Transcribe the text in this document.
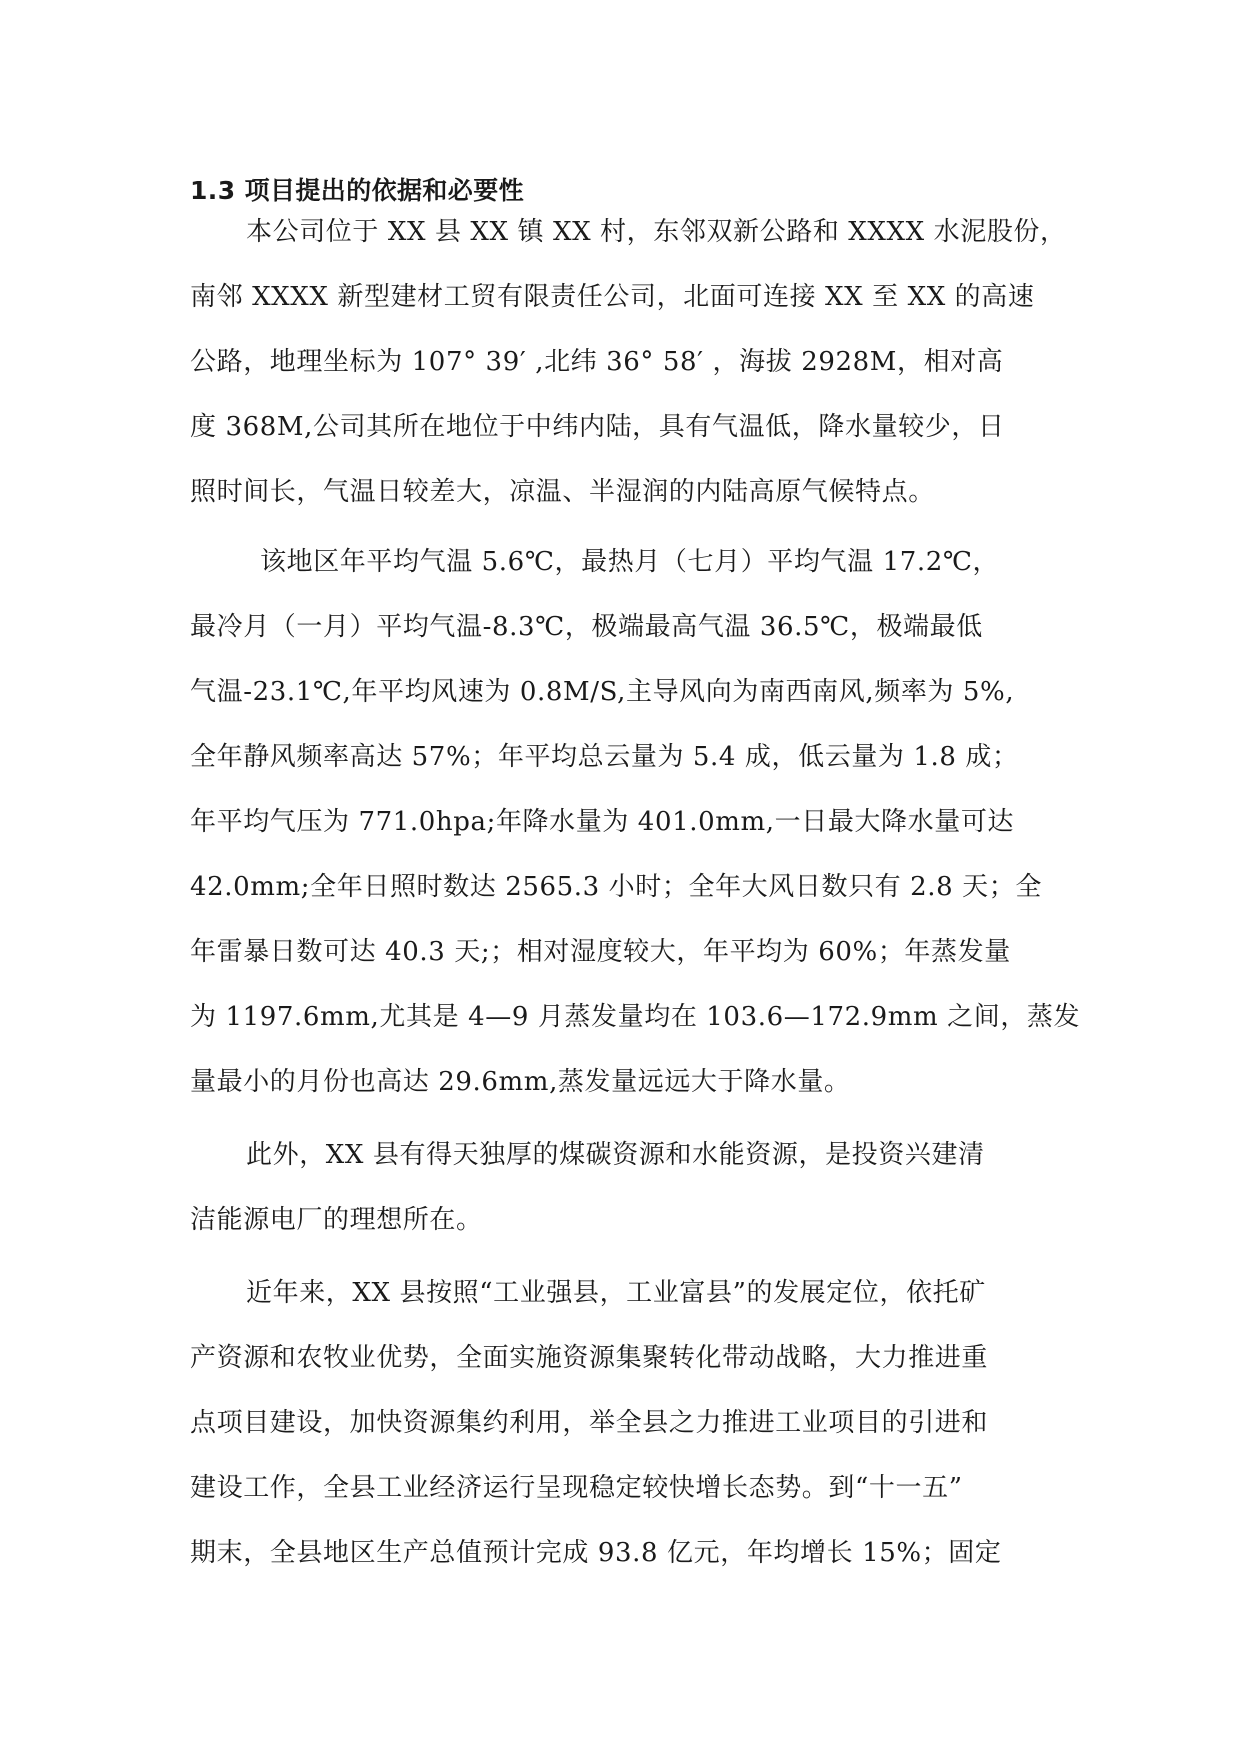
1.3 项目提出的依据和必要性

本公司位于 XX 县 XX 镇 XX 村，东邻双新公路和 XXXX 水泥股份，

南邻 XXXX 新型建材工贸有限责任公司，北面可连接 XX 至 XX 的高速

公路，地理坐标为 107° 39′ ,北纬 36° 58′ ，海拔 2928M，相对高

度 368M,公司其所在地位于中纬内陆，具有气温低，降水量较少，日

照时间长，气温日较差大，凉温、半湿润的内陆高原气候特点。

该地区年平均气温 5.6℃，最热月（七月）平均气温 17.2℃，

最冷月（一月）平均气温-8.3℃，极端最高气温 36.5℃，极端最低

气温-23.1℃,年平均风速为 0.8M/S,主导风向为南西南风,频率为 5%,

全年静风频率高达 57%；年平均总云量为 5.4 成，低云量为 1.8 成；

年平均气压为 771.0hpa;年降水量为 401.0mm,一日最大降水量可达

42.0mm;全年日照时数达 2565.3 小时；全年大风日数只有 2.8 天；全

年雷暴日数可达 40.3 天;；相对湿度较大，年平均为 60%；年蒸发量

为 1197.6mm,尤其是 4—9 月蒸发量均在 103.6—172.9mm 之间，蒸发

量最小的月份也高达 29.6mm,蒸发量远远大于降水量。

此外，XX 县有得天独厚的煤碳资源和水能资源，是投资兴建清

洁能源电厂的理想所在。

近年来，XX 县按照“工业强县，工业富县”的发展定位，依托矿

产资源和农牧业优势，全面实施资源集聚转化带动战略，大力推进重

点项目建设，加快资源集约利用，举全县之力推进工业项目的引进和

建设工作，全县工业经济运行呈现稳定较快增长态势。到“十一五”

期末，全县地区生产总值预计完成 93.8 亿元，年均增长 15%；固定
